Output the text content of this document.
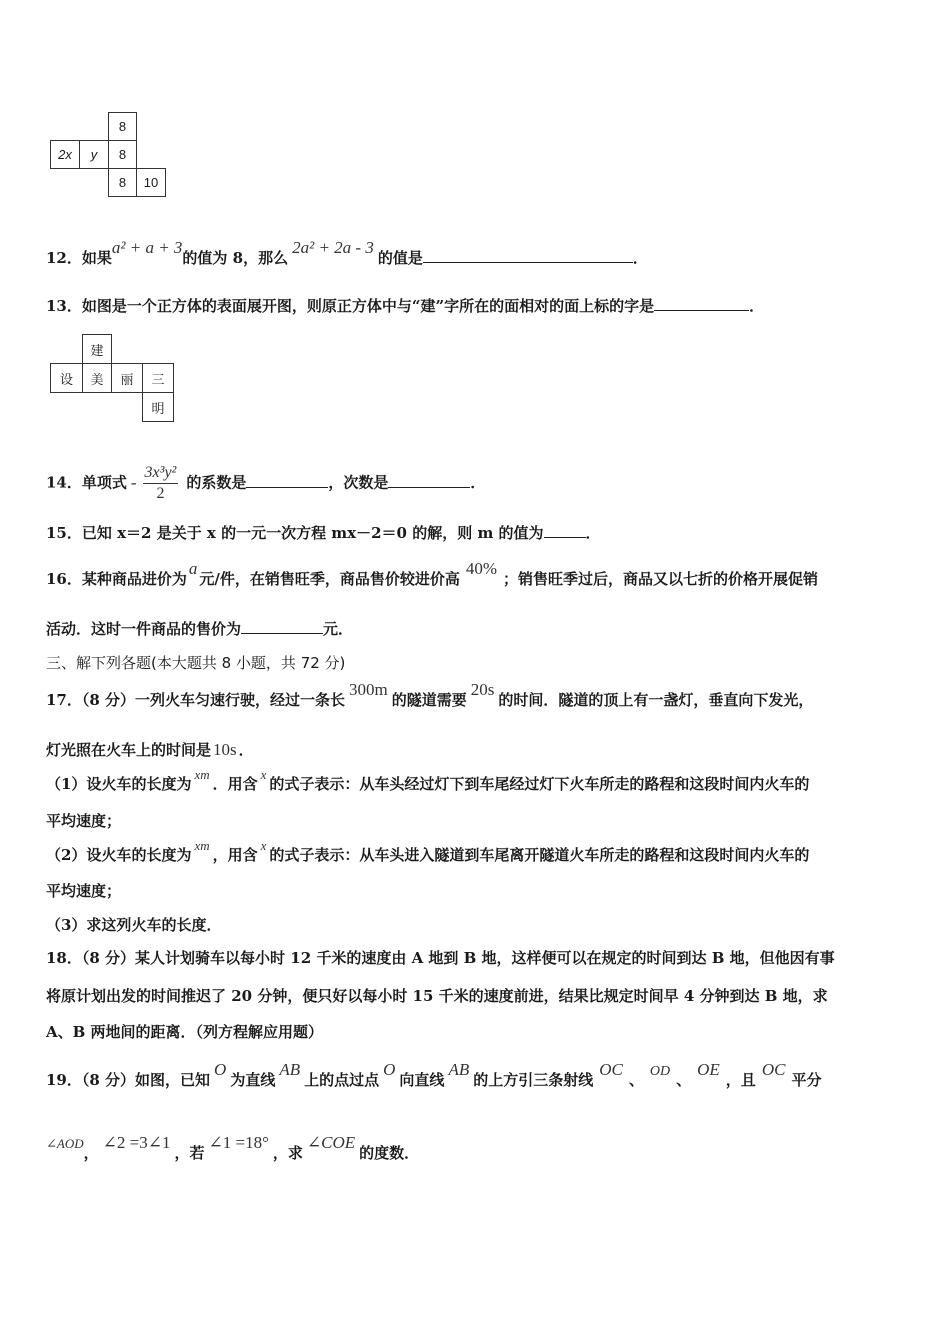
8
2x y 8
8 10
12．如果a² + a + 3的值为 8，那么2a² + 2a - 3的值是	．
13．如图是一个正方体的表面展开图，则原正方体中与“建”字所在的面相对的面上标的字是	．
建
设 美 丽 三
明
14．单项式 - $\frac{\text{3x³y²}}{2}$ 的系数是	，次数是	．
15．已知 x＝2 是关于 x 的一元一次方程 mx－2＝0 的解，则 m 的值为	．
16．某种商品进价为a元/件，在销售旺季，商品售价较进价高40%；销售旺季过后，商品又以七折的价格开展促销
活动．这时一件商品的售价为	元．
三、解下列各题(本大题共 8 小题，共 72 分)
17．（8 分）一列火车匀速行驶，经过一条长300m的隧道需要20s的时间．隧道的顶上有一盏灯，垂直向下发光，
灯光照在火车上的时间是 10s ．
（1）设火车的长度为xm．用含x的式子表示：从车头经过灯下到车尾经过灯下火车所走的路程和这段时间内火车的
平均速度；
（2）设火车的长度为xm，用含x的式子表示：从车头进入隧道到车尾离开隧道火车所走的路程和这段时间内火车的
平均速度；
（3）求这列火车的长度．
18．（8 分）某人计划骑车以每小时 12 千米的速度由 A 地到 B 地，这样便可以在规定的时间到达 B 地，但他因有事
将原计划出发的时间推迟了 20 分钟，便只好以每小时 15 千米的速度前进，结果比规定时间早 4 分钟到达 B 地，求
A、B 两地间的距离．（列方程解应用题）
19．（8 分）如图，已知O为直线AB上的点过点O向直线AB的上方引三条射线OC、 OD 、OE，且OC平分
∠AOD，∠2 =3∠1，若∠1 =18°，求∠COE的度数．
